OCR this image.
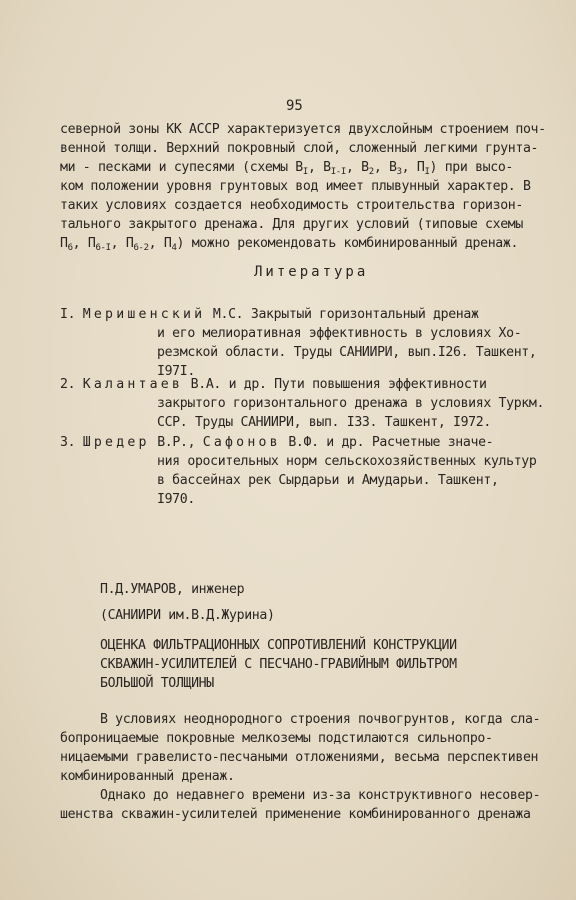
95
северной зоны КК АССР характеризуется двухслойным строением поч-
венной толщи. Верхний покровный слой, сложенный легкими грунта-
ми - песками и супесями (схемы $В_I$, $В_{I-I}$, $В_2$, $В_3$, $П_I$) при высо-
ком положении уровня грунтовых вод имеет плывунный характер. В
таких условиях создается необходимость строительства горизон-
тального закрытого дренажа. Для других условий (типовые схемы
$П_6$, $П_{6-I}$, $П_{6-2}$, $П_4$) можно рекомендовать комбинированный дренаж.
Литература
I. Меришенский М.С. Закрытый горизонтальный дренаж
и его мелиоративная эффективность в условиях Хо-
резмской области. Труды САНИИРИ, вып.I26. Ташкент,
I97I.
2. Калантаев В.А. и др. Пути повышения эффективности
закрытого горизонтального дренажа в условиях Туркм.
ССР. Труды САНИИРИ, вып. I33. Ташкент, I972.
3. Шредер В.Р., Сафонов В.Ф. и др. Расчетные значе-
ния оросительных норм сельскохозяйственных культур
в бассейнах рек Сырдарьи и Амударьи. Ташкент,
I970.
П.Д.УМАРОВ, инженер
(САНИИРИ им.В.Д.Журина)
ОЦЕНКА ФИЛЬТРАЦИОННЫХ СОПРОТИВЛЕНИЙ КОНСТРУКЦИИ
СКВАЖИН-УСИЛИТЕЛЕЙ С ПЕСЧАНО-ГРАВИЙНЫМ ФИЛЬТРОМ
БОЛЬШОЙ ТОЛЩИНЫ
В условиях неоднородного строения почвогрунтов, когда сла-
бопроницаемые покровные мелкоземы подстилаются сильнопро-
ницаемыми гравелисто-песчаными отложениями, весьма перспективен
комбинированный дренаж.
Однако до недавнего времени из-за конструктивного несовер-
шенства скважин-усилителей применение комбинированного дренажа
